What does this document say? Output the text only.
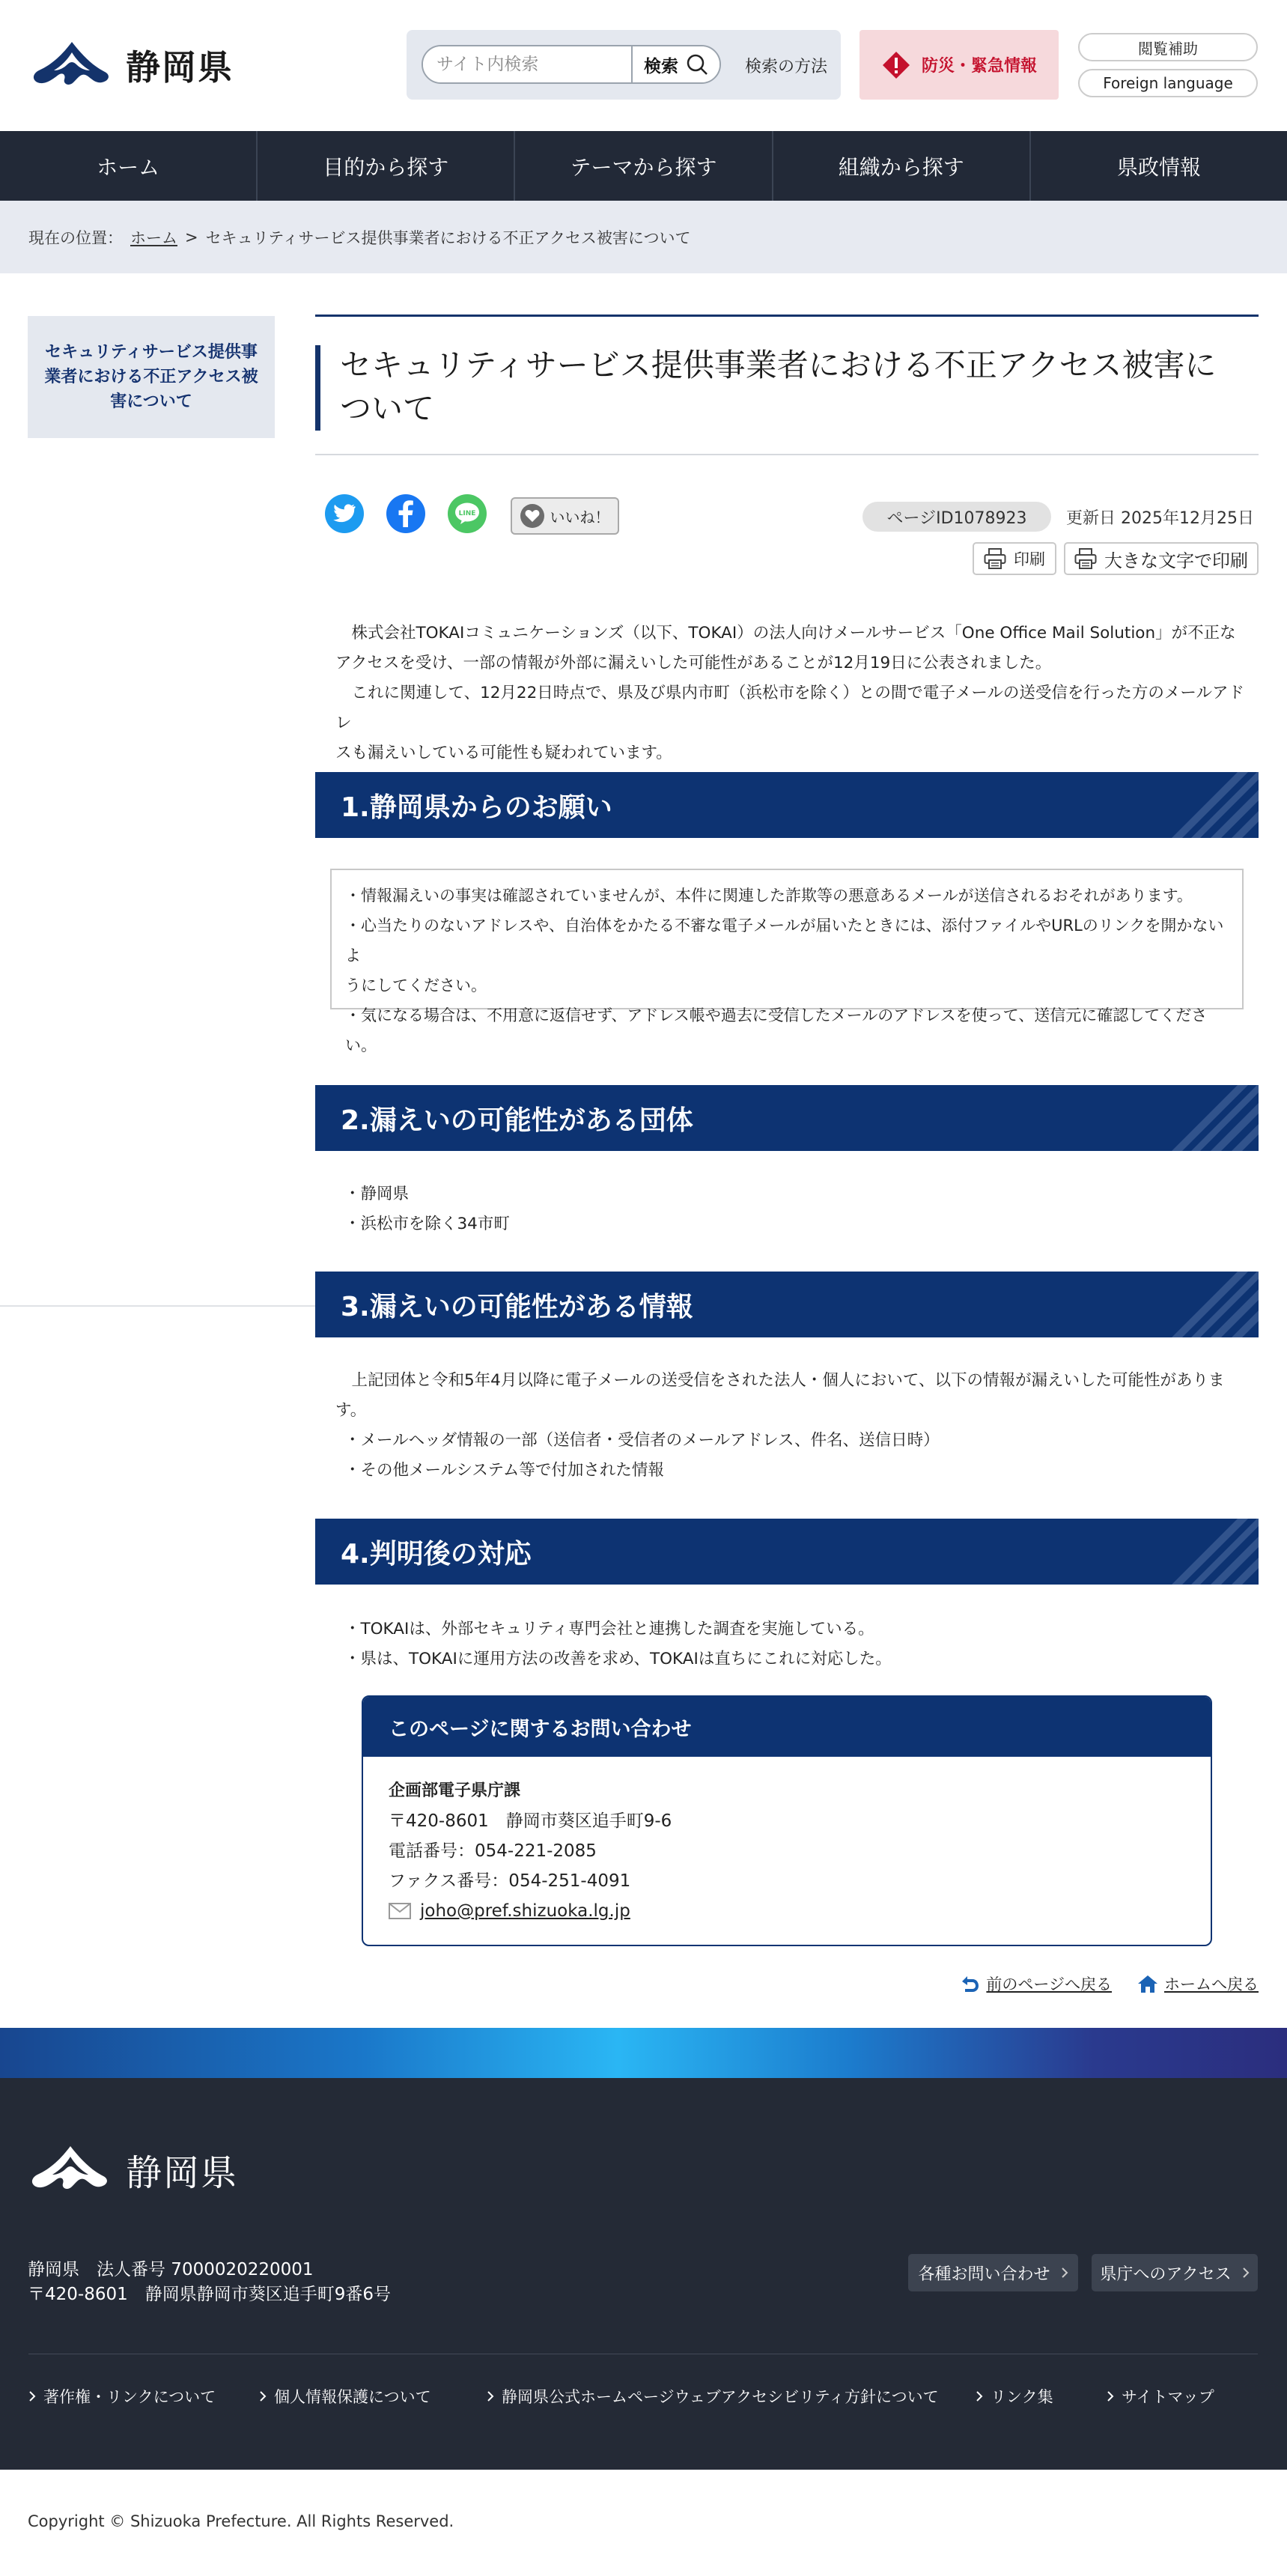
静岡県
サイト内検索	検索	検索の方法	防災・緊急情報
閲覧補助
Foreign language
ホーム	目的から探す	テーマから探す	組織から探す	県政情報
現在の位置： ホーム > セキュリティサービス提供事業者における不正アクセス被害について
セキュリティサービス提供事業者における不正アクセス被害について
セキュリティサービス提供事業者における不正アクセス被害について
LINE	いいね！	ページID1078923	更新日 2025年12月25日
印刷	大きな文字で印刷
　株式会社TOKAIコミュニケーションズ（以下、TOKAI）の法人向けメールサービス「One Office Mail Solution」が不正な
アクセスを受け、一部の情報が外部に漏えいした可能性があることが12月19日に公表されました。
　これに関連して、12月22日時点で、県及び県内市町（浜松市を除く）との間で電子メールの送受信を行った方のメールアドレ
スも漏えいしている可能性も疑われています。
1.静岡県からのお願い
・情報漏えいの事実は確認されていませんが、本件に関連した詐欺等の悪意あるメールが送信されるおそれがあります。
・心当たりのないアドレスや、自治体をかたる不審な電子メールが届いたときには、添付ファイルやURLのリンクを開かないよ
うにしてください。
・気になる場合は、不用意に返信せず、アドレス帳や過去に受信したメールのアドレスを使って、送信元に確認してください。
2.漏えいの可能性がある団体
・静岡県
・浜松市を除く34市町
3.漏えいの可能性がある情報
　上記団体と令和5年4月以降に電子メールの送受信をされた法人・個人において、以下の情報が漏えいした可能性がありま
す。
・メールヘッダ情報の一部（送信者・受信者のメールアドレス、件名、送信日時）
・その他メールシステム等で付加された情報
4.判明後の対応
・TOKAIは、外部セキュリティ専門会社と連携した調査を実施している。
・県は、TOKAIに運用方法の改善を求め、TOKAIは直ちにこれに対応した。
このページに関するお問い合わせ
企画部電子県庁課
〒420-8601　静岡市葵区追手町9-6
電話番号：054-221-2085
ファクス番号：054-251-4091
joho@pref.shizuoka.lg.jp
前のページへ戻る	ホームへ戻る
静岡県
静岡県　法人番号 7000020220001
〒420-8601　静岡県静岡市葵区追手町9番6号
各種お問い合わせ	県庁へのアクセス
著作権・リンクについて	個人情報保護について	静岡県公式ホームページウェブアクセシビリティ方針について	リンク集	サイトマップ
Copyright © Shizuoka Prefecture. All Rights Reserved.
